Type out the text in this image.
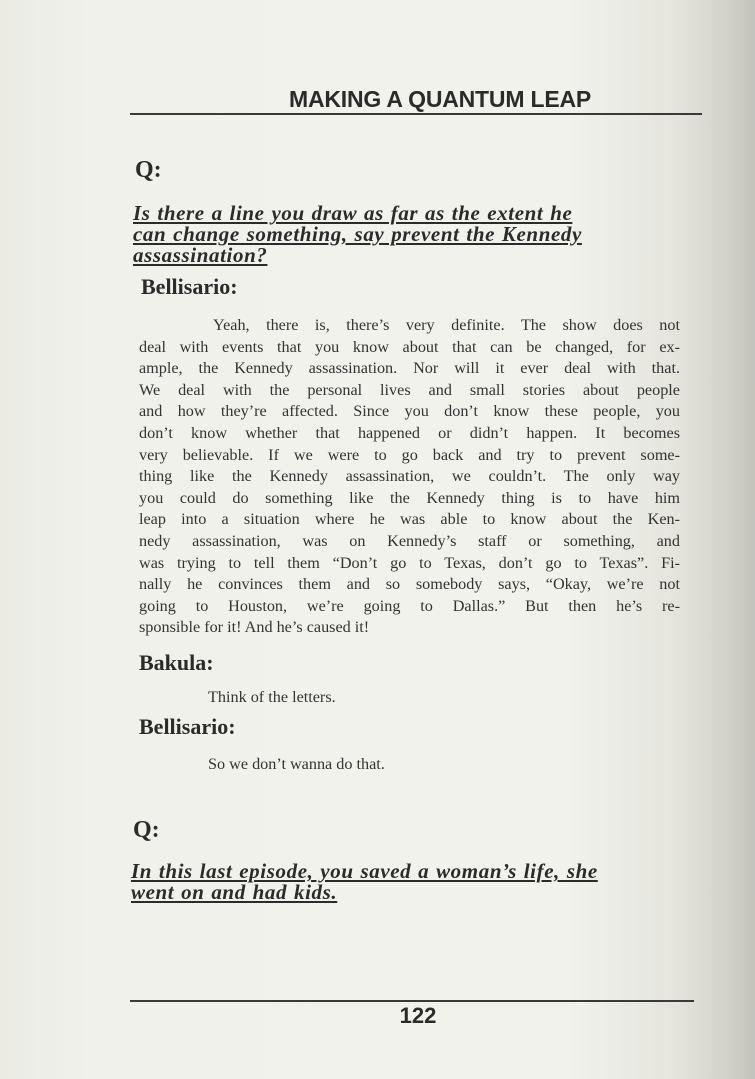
MAKING A QUANTUM LEAP
Q:
Is there a line you draw as far as the extent he
can change something, say prevent the Kennedy
assassination?
Bellisario:
Yeah, there is, there’s very definite. The show does not
deal with events that you know about that can be changed, for ex-
ample, the Kennedy assassination. Nor will it ever deal with that.
We deal with the personal lives and small stories about people
and how they’re affected. Since you don’t know these people, you
don’t know whether that happened or didn’t happen. It becomes
very believable. If we were to go back and try to prevent some-
thing like the Kennedy assassination, we couldn’t. The only way
you could do something like the Kennedy thing is to have him
leap into a situation where he was able to know about the Ken-
nedy assassination, was on Kennedy’s staff or something, and
was trying to tell them “Don’t go to Texas, don’t go to Texas”. Fi-
nally he convinces them and so somebody says, “Okay, we’re not
going to Houston, we’re going to Dallas.” But then he’s re-
sponsible for it! And he’s caused it!
Bakula:
Think of the letters.
Bellisario:
So we don’t wanna do that.
Q:
In this last episode, you saved a woman’s life, she
went on and had kids.
122
